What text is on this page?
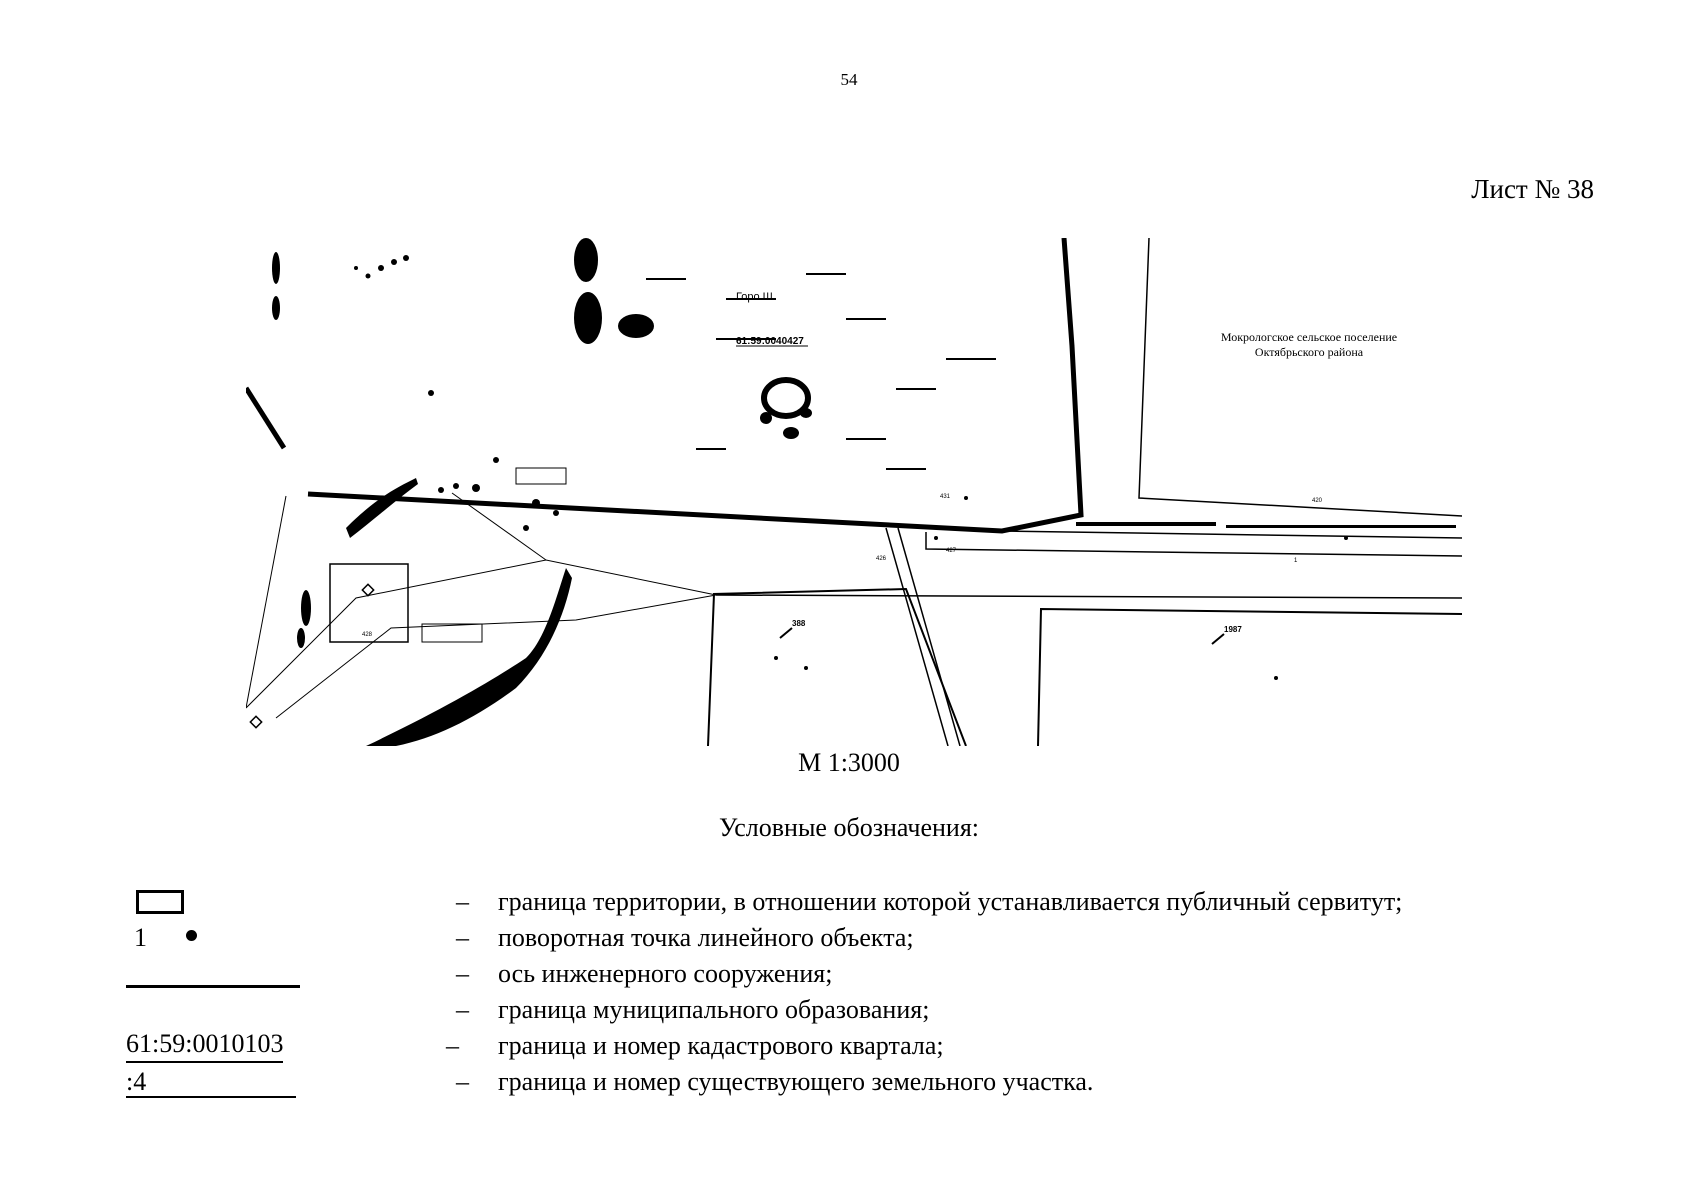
54
Лист № 38
61:59:0040427
Горо Ш
Мокрологское сельское поселение
Октябрьского района
388
1987
431
427
426
420
428
1
М 1:3000
Условные обозначения:
– граница территории, в отношении которой устанавливается публичный сервитут;
1	– поворотная точка линейного объекта;
– ось инженерного сооружения;
– граница муниципального образования;
61:59:0010103	– граница и номер кадастрового квартала;
:4	– граница и номер существующего земельного участка.
